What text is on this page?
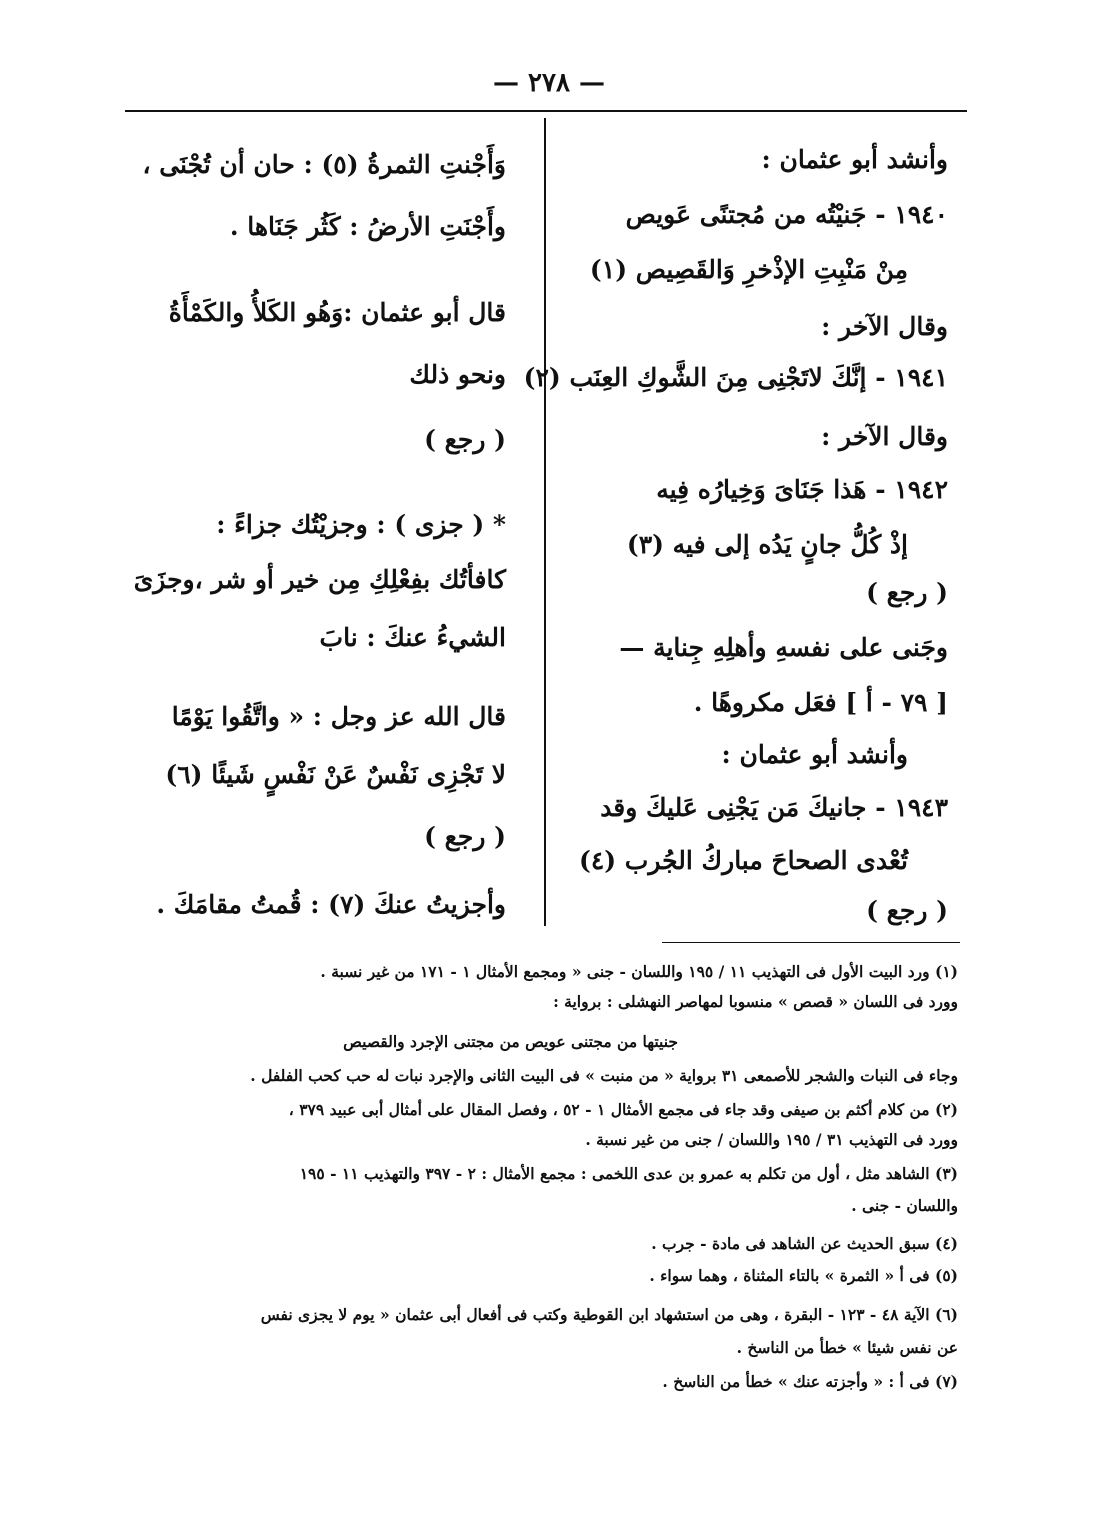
— ٢٧٨ —
وأنشد أبو عثمان :
١٩٤٠ - جَنيْتُه من مُجتنًى عَويص
مِنْ مَنْبِتِ الإذْخرِ وَالقَصِيص (١)
وقال الآخر :
١٩٤١ - إنَّكَ لاتَجْنِى مِنَ الشَّوكِ العِنَب (٢)
وقال الآخر :
١٩٤٢ - هَذا جَنَاىَ وَخِيارُه فِيه
إذْ كُلُّ جانٍ يَدُه إلى فيه (٣)
( رجع )
وجَنى على نفسهِ وأهلِهِ جِناية —
[ ٧٩ - أ ] فعَل مكروهًا .
وأنشد أبو عثمان :
١٩٤٣ - جانيكَ مَن يَجْنِى عَليكَ وقد
تُعْدى الصحاحَ مباركُ الجُرب (٤)
( رجع )
وَأَجْنتِ الثمرةُ (٥) : حان أن تُجْنَى ،
وأَجْنَتِ الأرضُ : كَثُر جَنَاها .
قال أبو عثمان :وَهُو الكَلأُ والكَمْأَةُ
ونحو ذلك
( رجع )
* ( جزى ) : وجزيْتُك جزاءً :
كافأتُك بفِعْلِكِ مِن خير أو شر ،وجزَىَ
الشيءُ عنكَ : نابَ
قال الله عز وجل : « واتَّقُوا يَوْمًا
لا تَجْزِى نَفْسٌ عَنْ نَفْسٍ شَيئًا (٦)
( رجع )
وأجزيتُ عنكَ (٧) : قُمتُ مقامَكَ .
(١) ورد البيت الأول فى التهذيب ١١ / ١٩٥ واللسان - جنى « ومجمع الأمثال ١ - ١٧١ من غير نسبة .
وورد فى اللسان « قصص » منسوبا لمهاصر النهشلى : برواية :
جنيتها من مجتنى عويص من مجتنى الإجرد والقصيص
وجاء فى النبات والشجر للأصمعى ٣١ برواية « من منبت » فى البيت الثانى والإجرد نبات له حب كحب الفلفل .
(٢) من كلام أكثم بن صيفى وقد جاء فى مجمع الأمثال ١ - ٥٢ ، وفصل المقال على أمثال أبى عبيد ٣٧٩ ،
وورد فى التهذيب ٣١ / ١٩٥ واللسان / جنى من غير نسبة .
(٣) الشاهد مثل ، أول من تكلم به عمرو بن عدى اللخمى : مجمع الأمثال : ٢ - ٣٩٧ والتهذيب ١١ - ١٩٥
واللسان - جنى .
(٤) سبق الحديث عن الشاهد فى مادة - جرب .
(٥) فى أ « الثمرة » بالتاء المثناة ، وهما سواء .
(٦) الآية ٤٨ - ١٢٣ - البقرة ، وهى من استشهاد ابن القوطية وكتب فى أفعال أبى عثمان « يوم لا يجزى نفس
عن نفس شيئا » خطأ من الناسخ .
(٧) فى أ : « وأجزته عنك » خطأ من الناسخ .
